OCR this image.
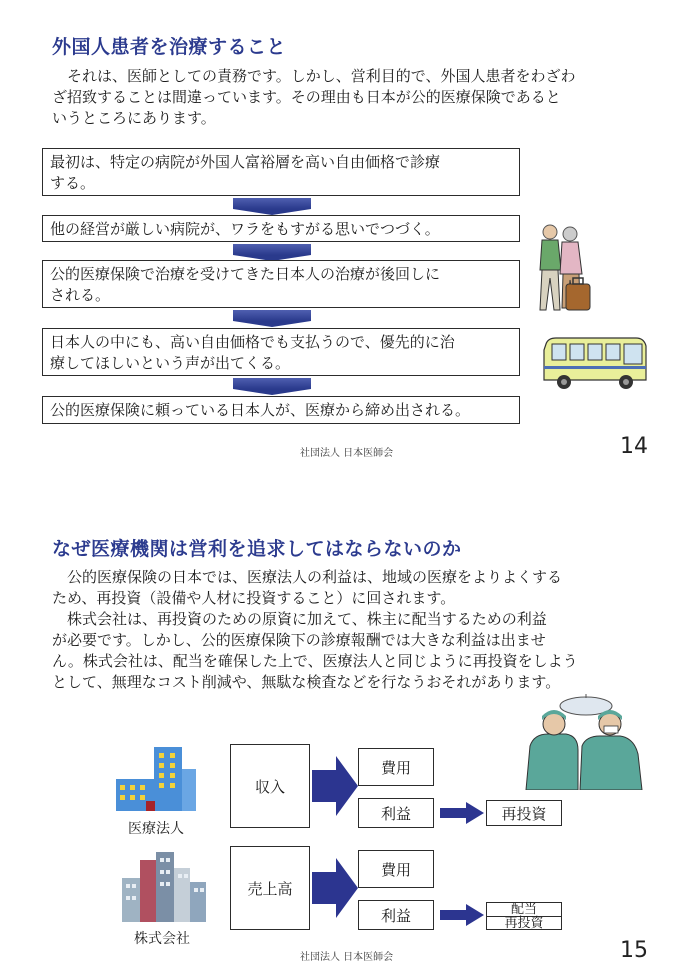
外国人患者を治療すること

それは、医師としての責務です。しかし、営利目的で、外国人患者をわざわ

ざ招致することは間違っています。その理由も日本が公的医療保険であると

いうところにあります。

最初は、特定の病院が外国人富裕層を高い自由価格で診療
する。
他の経営が厳しい病院が、ワラをもすがる思いでつづく。
公的医療保険で治療を受けてきた日本人の治療が後回しに
される。
日本人の中にも、高い自由価格でも支払うので、優先的に治
療してほしいという声が出てくる。
公的医療保険に頼っている日本人が、医療から締め出される。
社団法人 日本医師会	14
なぜ医療機関は営利を追求してはならないのか

公的医療保険の日本では、医療法人の利益は、地域の医療をよりよくする

ため、再投資（設備や人材に投資すること）に回されます。

株式会社は、再投資のための原資に加えて、株主に配当するための利益

が必要です。しかし、公的医療保険下の診療報酬では大きな利益は出ませ

ん。株式会社は、配当を確保した上で、医療法人と同じように再投資をしよう

として、無理なコスト削減や、無駄な検査などを行なうおそれがあります。

医療法人
収入
費用
利益	再投資
株式会社
売上高
費用
利益	配当
再投資
社団法人 日本医師会	15
